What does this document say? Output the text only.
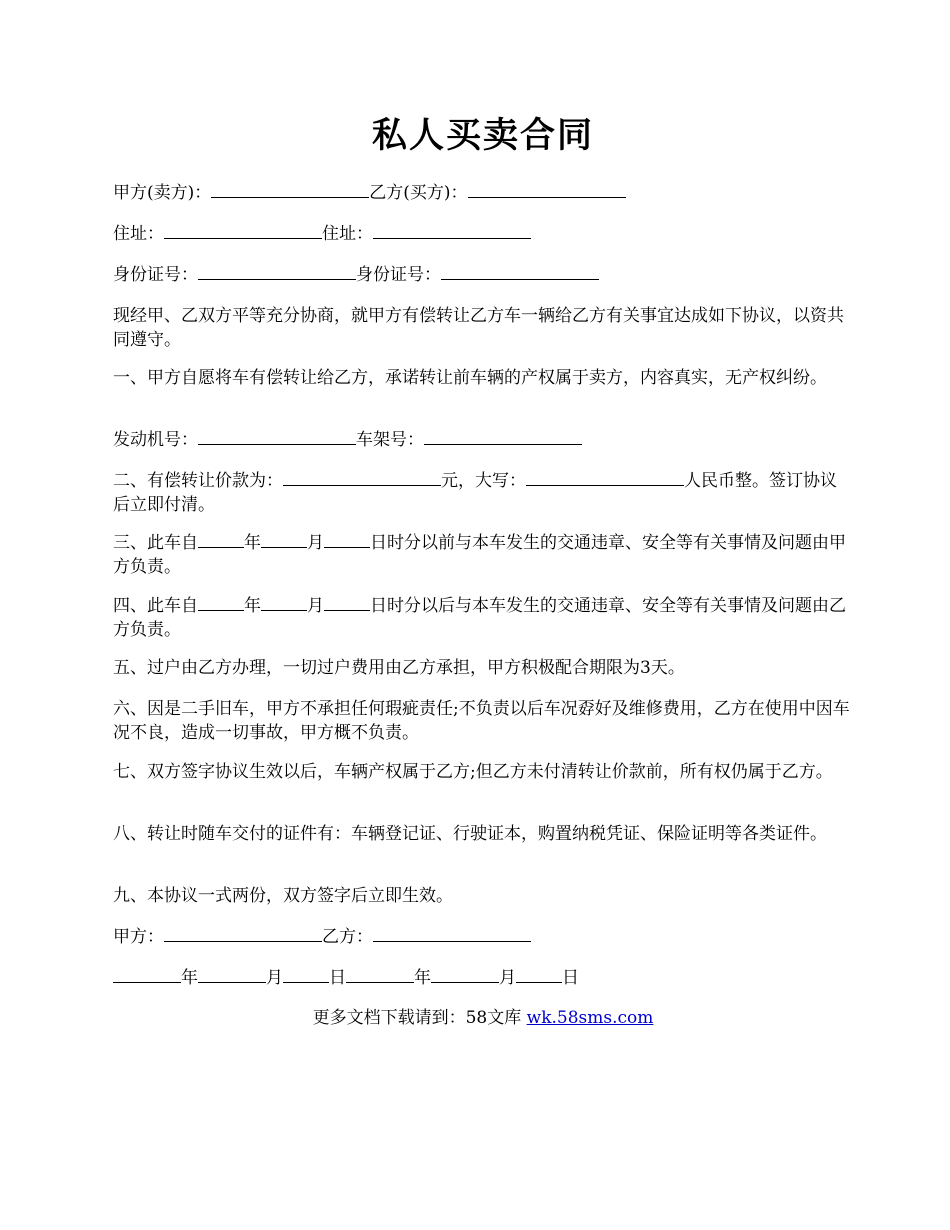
私人买卖合同
甲方(卖方)：	乙方(买方)：
住址：	住址：
身份证号：	身份证号：
现经甲、乙双方平等充分协商，就甲方有偿转让乙方车一辆给乙方有关事宜达成如下协议，以资共同遵守。
一、甲方自愿将车有偿转让给乙方，承诺转让前车辆的产权属于卖方，内容真实，无产权纠纷。
发动机号：	车架号：
二、有偿转让价款为：	元，大写：	人民币整。签订协议后立即付清。
三、此车自	年	月	日时分以前与本车发生的交通违章、安全等有关事情及问题由甲方负责。
四、此车自	年	月	日时分以后与本车发生的交通违章、安全等有关事情及问题由乙方负责。
五、过户由乙方办理，一切过户费用由乙方承担，甲方积极配合期限为3天。
六、因是二手旧车，甲方不承担任何瑕疵责任;不负责以后车况孬好及维修费用，乙方在使用中因车况不良，造成一切事故，甲方概不负责。
七、双方签字协议生效以后，车辆产权属于乙方;但乙方未付清转让价款前，所有权仍属于乙方。
八、转让时随车交付的证件有：车辆登记证、行驶证本，购置纳税凭证、保险证明等各类证件。
九、本协议一式两份，双方签字后立即生效。
甲方：	乙方：
年	月	日	年	月	日
更多文档下载请到：58文库 wk.58sms.com
